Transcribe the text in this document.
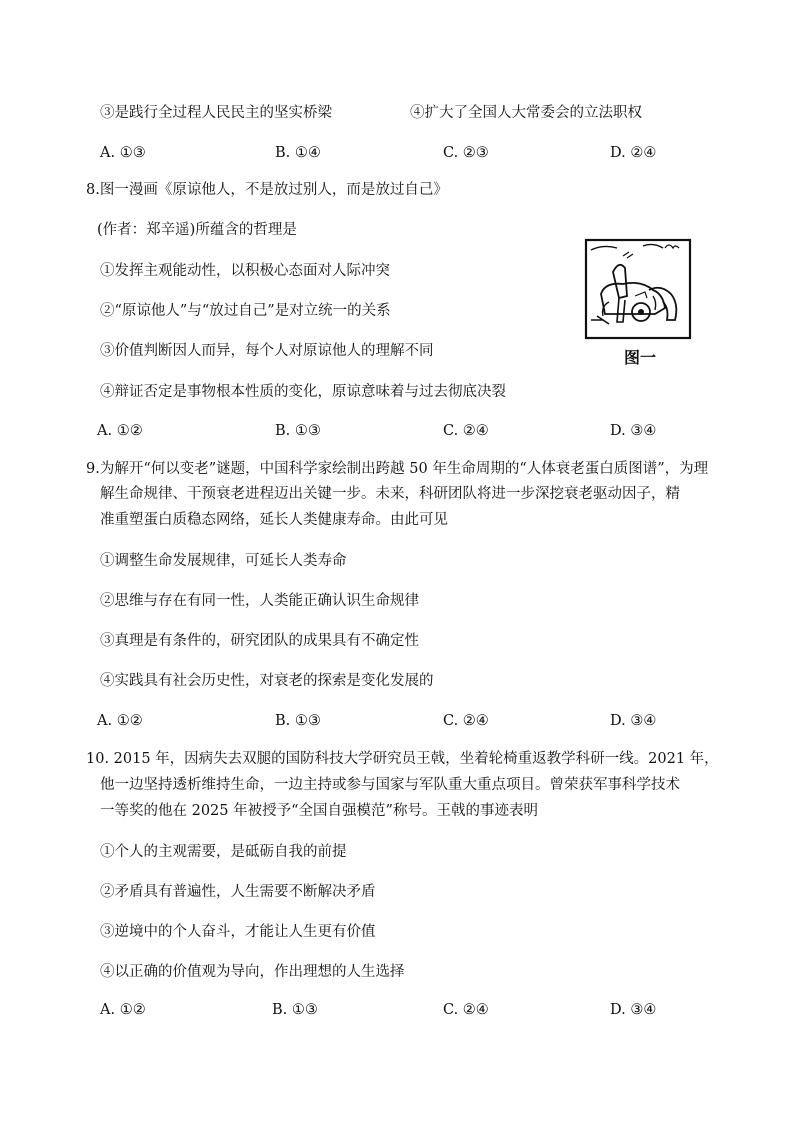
③是践行全过程人民民主的坚实桥梁	④扩大了全国人大常委会的立法职权
A. ①③	B. ①④	C. ②③	D. ②④
8.图一漫画《原谅他人，不是放过别人，而是放过自己》
(作者：郑辛遥)所蕴含的哲理是
①发挥主观能动性，以积极心态面对人际冲突
②“原谅他人”与“放过自己”是对立统一的关系
③价值判断因人而异，每个人对原谅他人的理解不同
④辩证否定是事物根本性质的变化，原谅意味着与过去彻底决裂
A. ①②	B. ①③	C. ②④	D. ③④
图一
9.为解开“何以变老”谜题，中国科学家绘制出跨越 50 年生命周期的“人体衰老蛋白质图谱”，为理
解生命规律、干预衰老进程迈出关键一步。未来，科研团队将进一步深挖衰老驱动因子，精
准重塑蛋白质稳态网络，延长人类健康寿命。由此可见
①调整生命发展规律，可延长人类寿命
②思维与存在有同一性，人类能正确认识生命规律
③真理是有条件的，研究团队的成果具有不确定性
④实践具有社会历史性，对衰老的探索是变化发展的
A. ①②	B. ①③	C. ②④	D. ③④
10. 2015 年，因病失去双腿的国防科技大学研究员王戟，坐着轮椅重返教学科研一线。2021 年，
他一边坚持透析维持生命，一边主持或参与国家与军队重大重点项目。曾荣获军事科学技术
一等奖的他在 2025 年被授予“全国自强模范”称号。王戟的事迹表明
①个人的主观需要，是砥砺自我的前提
②矛盾具有普遍性，人生需要不断解决矛盾
③逆境中的个人奋斗，才能让人生更有价值
④以正确的价值观为导向，作出理想的人生选择
A. ①②	B. ①③	C. ②④	D. ③④
